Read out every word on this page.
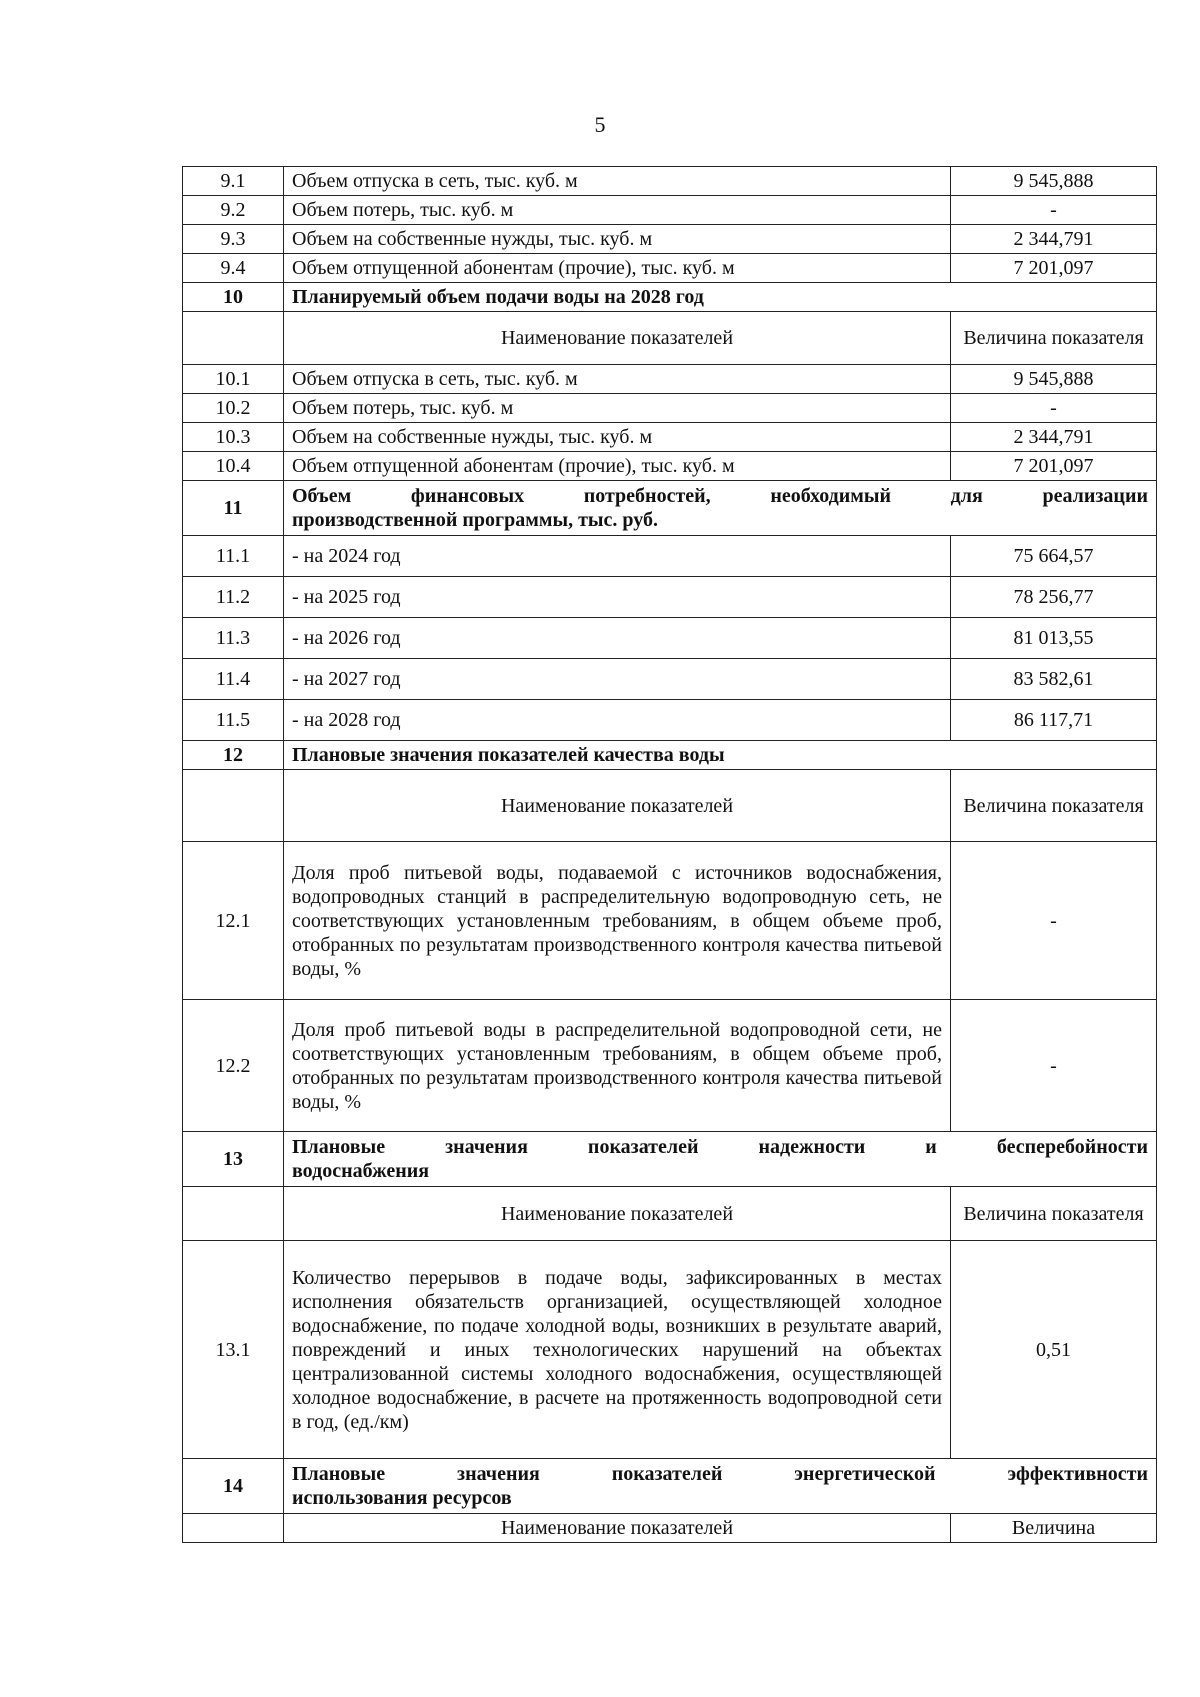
5
9.1	Объем отпуска в сеть, тыс. куб. м	9 545,888
9.2	Объем потерь, тыс. куб. м	-
9.3	Объем на собственные нужды, тыс. куб. м	2 344,791
9.4	Объем отпущенной абонентам (прочие), тыс. куб. м	7 201,097
10	Планируемый объем подачи воды на 2028 год	
	Наименование показателей	Величина показателя
10.1	Объем отпуска в сеть, тыс. куб. м	9 545,888
10.2	Объем потерь, тыс. куб. м	-
10.3	Объем на собственные нужды, тыс. куб. м	2 344,791
10.4	Объем отпущенной абонентам (прочие), тыс. куб. м	7 201,097
11	Объем финансовых потребностей, необходимый для реализации
производственной программы, тыс. руб.	

11.1	- на 2024 год	75 664,57
11.2	- на 2025 год	78 256,77
11.3	- на 2026 год	81 013,55
11.4	- на 2027 год	83 582,61
11.5	- на 2028 год	86 117,71
12	Плановые значения показателей качества воды	
	Наименование показателей	Величина показателя
12.1	Доля проб питьевой воды, подаваемой с источников водоснабжения, водопроводных станций в распределительную водопроводную сеть, не соответствующих установленным требованиям, в общем объеме проб, отобранных по результатам производственного контроля качества питьевой воды, %	-
12.2	Доля проб питьевой воды в распределительной водопроводной сети, не соответствующих установленным требованиям, в общем объеме проб, отобранных по результатам производственного контроля качества питьевой воды, %	-
13	Плановые значения показателей надежности и бесперебойности
водоснабжения	

	Наименование показателей	Величина показателя
13.1	Количество перерывов в подаче воды, зафиксированных в местах исполнения обязательств организацией, осуществляющей холодное водоснабжение, по подаче холодной воды, возникших в результате аварий, повреждений и иных технологических нарушений на объектах централизованной системы холодного водоснабжения, осуществляющей холодное водоснабжение, в расчете на протяженность водопроводной сети в год, (ед./км)	0,51
14	Плановые значения показателей энергетической эффективности
использования ресурсов	

	Наименование показателей	Величина
